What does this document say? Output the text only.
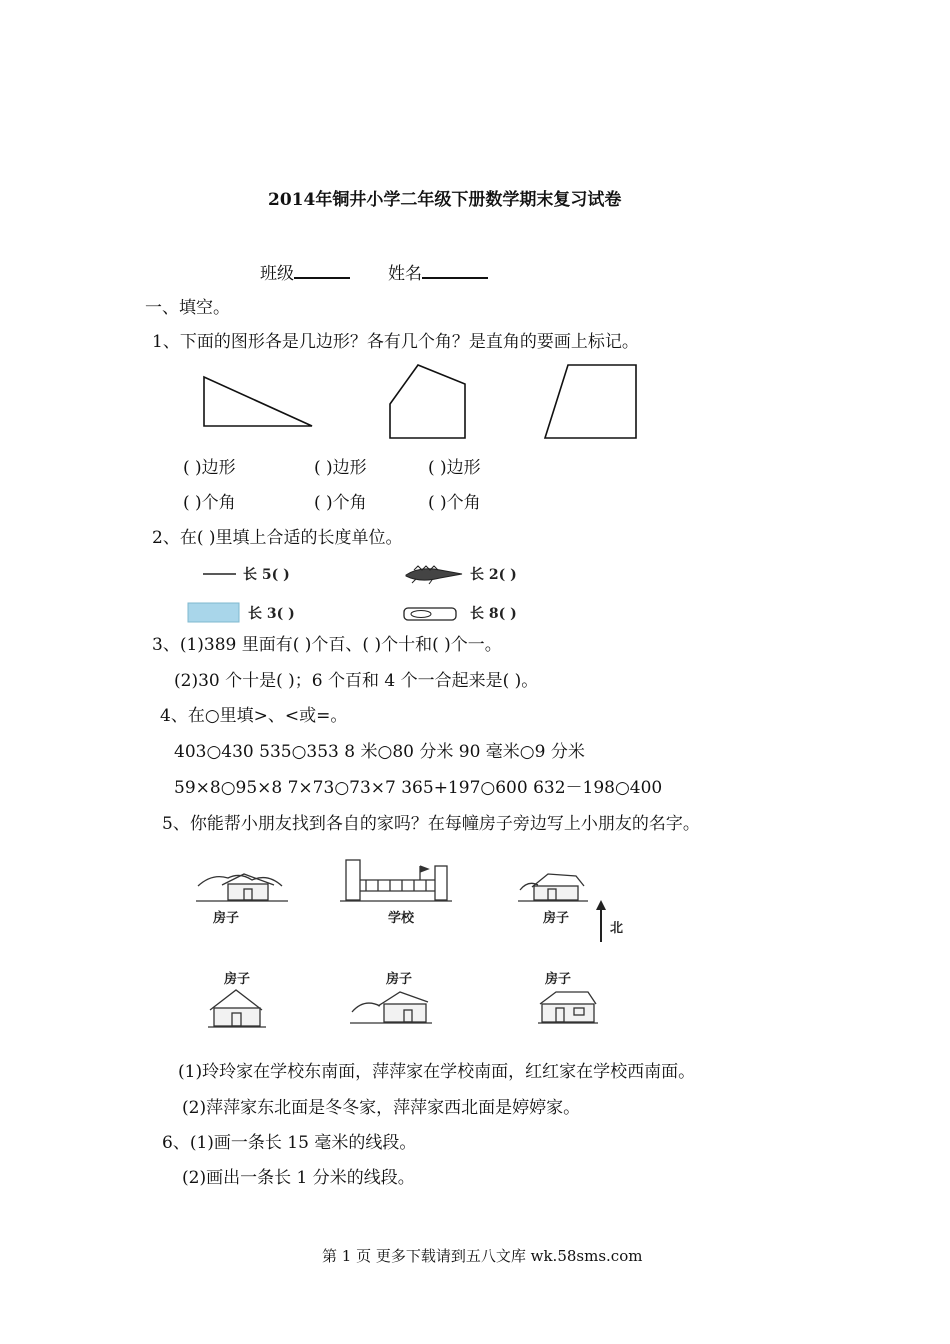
2014年铜井小学二年级下册数学期末复习试卷
班级	姓名
一、填空。
1、下面的图形各是几边形？各有几个角？是直角的要画上标记。
( )边形	( )边形	( )边形
( )个角	( )个角	( )个角
2、在( )里填上合适的长度单位。
长 5( )	长 2( )
长 3( )	长 8( )
3、(1)389 里面有( )个百、( )个十和( )个一。
(2)30 个十是( )；6 个百和 4 个一合起来是( )。
4、在○里填>、<或=。
403○430 535○353 8 米○80 分米 90 毫米○9 分米
59×8○95×8 7×73○73×7 365+197○600 632－198○400
5、你能帮小朋友找到各自的家吗？在每幢房子旁边写上小朋友的名字。
房子	学校	房子
北
房子	房子	房子
(1)玲玲家在学校东南面，萍萍家在学校南面，红红家在学校西南面。
(2)萍萍家东北面是冬冬家，萍萍家西北面是婷婷家。
6、(1)画一条长 15 毫米的线段。
(2)画出一条长 1 分米的线段。
第 1 页 更多下载请到五八文库 wk.58sms.com
